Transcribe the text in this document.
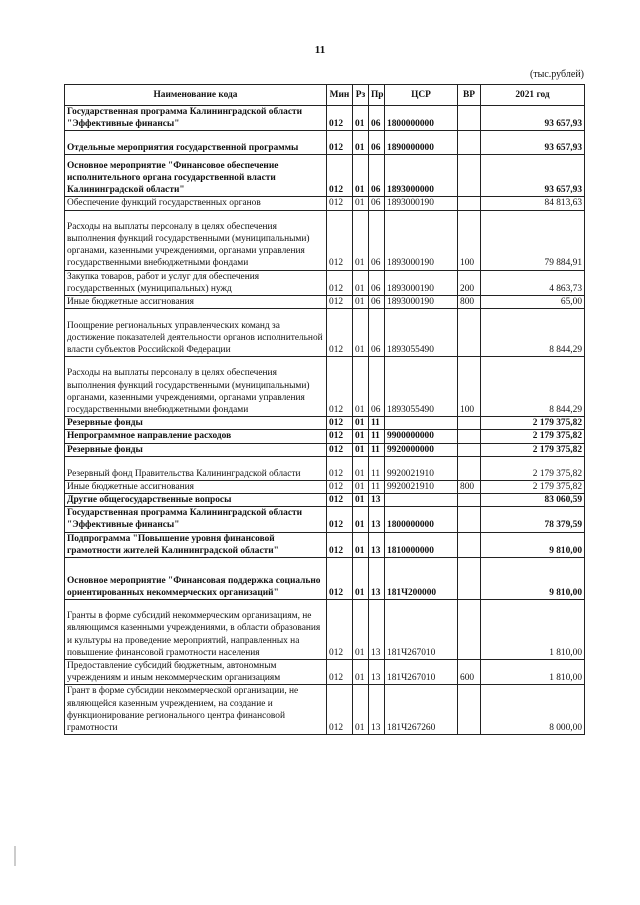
11
(тыс.рублей)
Наименование кода	Мин	Рз	Пр	ЦСР	ВР	2021 год
Государственная программа Калининградской области "Эффективные финансы"	012	01	06	1800000000		93 657,93
Отдельные мероприятия государственной программы	012	01	06	1890000000		93 657,93
Основное мероприятие "Финансовое обеспечение исполнительного органа государственной власти Калининградской области"	012	01	06	1893000000		93 657,93
Обеспечение функций государственных органов	012	01	06	1893000190		84 813,63
Расходы на выплаты персоналу в целях обеспечения выполнения функций государственными (муниципальными) органами, казенными учреждениями, органами управления государственными внебюджетными фондами	012	01	06	1893000190	100	79 884,91
Закупка товаров, работ и услуг для обеспечения государственных (муниципальных) нужд	012	01	06	1893000190	200	4 863,73
Иные бюджетные ассигнования	012	01	06	1893000190	800	65,00
Поощрение региональных управленческих команд за достижение показателей деятельности органов исполнительной власти субъектов Российской Федерации	012	01	06	1893055490		8 844,29
Расходы на выплаты персоналу в целях обеспечения выполнения функций государственными (муниципальными) органами, казенными учреждениями, органами управления государственными внебюджетными фондами	012	01	06	1893055490	100	8 844,29
Резервные фонды	012	01	11			2 179 375,82
Непрограммное направление расходов	012	01	11	9900000000		2 179 375,82
Резервные фонды	012	01	11	9920000000		2 179 375,82
Резервный фонд Правительства Калининградской области	012	01	11	9920021910		2 179 375,82
Иные бюджетные ассигнования	012	01	11	9920021910	800	2 179 375,82
Другие общегосударственные вопросы	012	01	13			83 060,59
Государственная программа Калининградской области "Эффективные финансы"	012	01	13	1800000000		78 379,59
Подпрограмма "Повышение уровня финансовой грамотности жителей Калининградской области"	012	01	13	1810000000		9 810,00
Основное мероприятие "Финансовая поддержка социально ориентированных некоммерческих организаций"	012	01	13	181Ч200000		9 810,00
Гранты в форме субсидий некоммерческим организациям, не являющимся казенными учреждениями, в области образования и культуры на проведение мероприятий, направленных на повышение финансовой грамотности населения	012	01	13	181Ч267010		1 810,00
Предоставление субсидий бюджетным, автономным учреждениям и иным некоммерческим организациям	012	01	13	181Ч267010	600	1 810,00
Грант в форме субсидии некоммерческой организации, не являющейся казенным учреждением, на создание и функционирование регионального центра финансовой грамотности	012	01	13	181Ч267260		8 000,00
